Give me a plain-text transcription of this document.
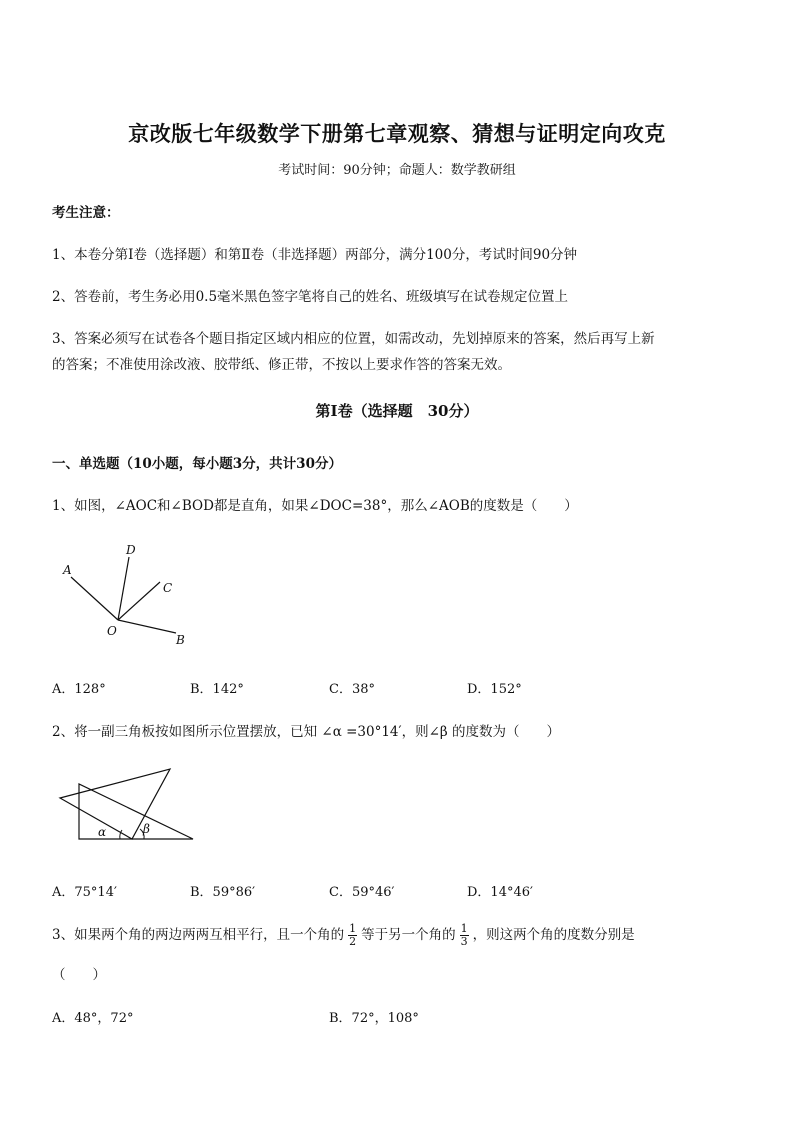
京改版七年级数学下册第七章观察、猜想与证明定向攻克
考试时间：90分钟；命题人：数学教研组
考生注意：
1、本卷分第Ⅰ卷（选择题）和第Ⅱ卷（非选择题）两部分，满分100分，考试时间90分钟
2、答卷前，考生务必用0.5毫米黑色签字笔将自己的姓名、班级填写在试卷规定位置上
3、答案必须写在试卷各个题目指定区域内相应的位置，如需改动，先划掉原来的答案，然后再写上新
的答案；不准使用涂改液、胶带纸、修正带，不按以上要求作答的答案无效。
第Ⅰ卷（选择题　30分）
一、单选题（10小题，每小题3分，共计30分）
1、如图，∠AOC和∠BOD都是直角，如果∠DOC=38°，那么∠AOB的度数是（　　）
A
D
C
B
O
A．128°	B．142°	C．38°	D．152°
2、将一副三角板按如图所示位置摆放，已知 ∠α =30°14′，则∠β 的度数为（　　）
α	β
A．75°14′	B．59°86′	C．59°46′	D．14°46′
3、如果两个角的两边两两互相平行，且一个角的 $\frac{1}{2}$ 等于另一个角的 $\frac{1}{3}$ ，则这两个角的度数分别是
（　　）
A．48°，72°	B．72°，108°
